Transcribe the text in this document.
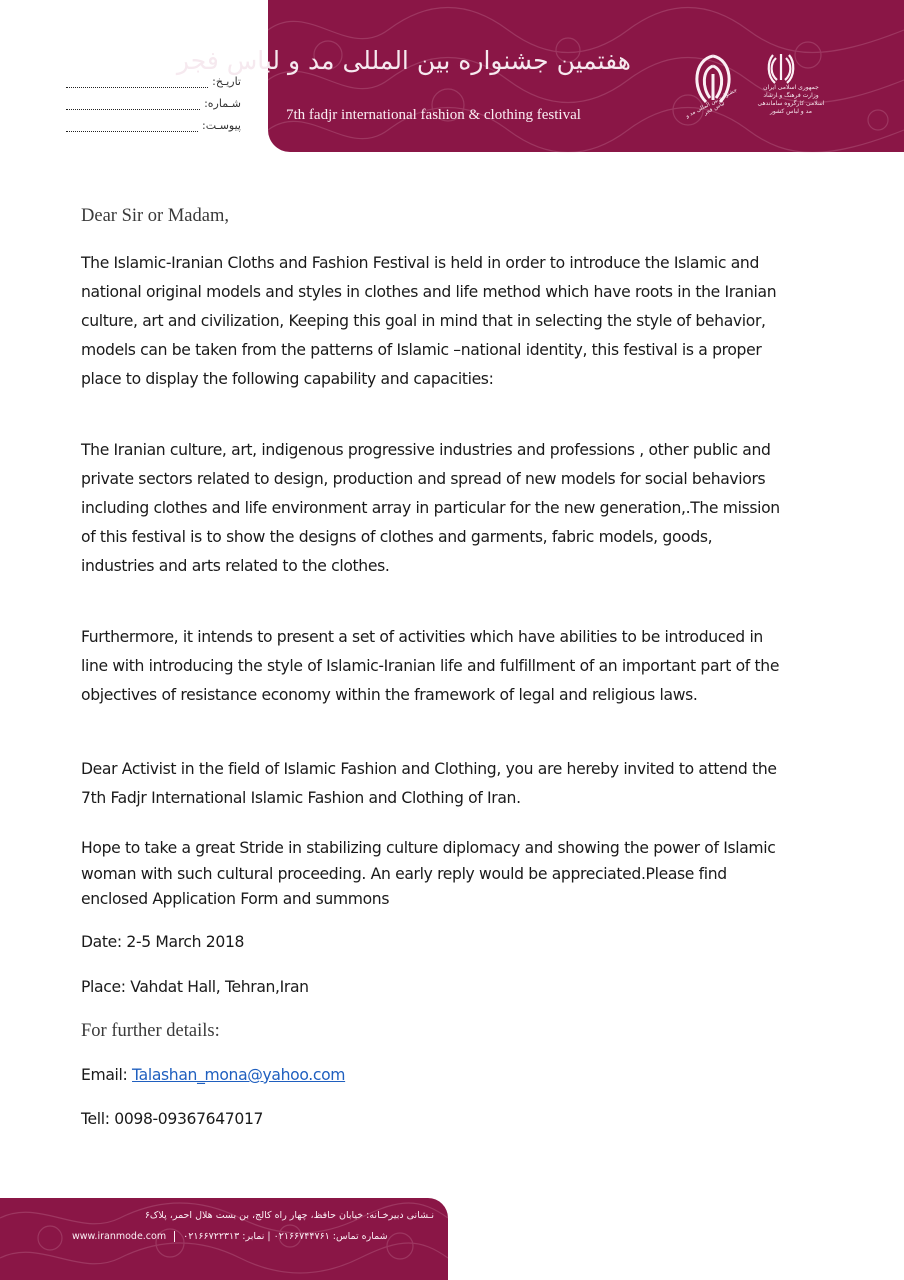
تاریـخ:
شـماره:
پیوسـت:
هفتمین جشنواره بین المللی مد و لباس فجر
7th fadjr international fashion & clothing festival	جشنواره بین المللی مد و لباس فجر
جمهوری اسلامی ایران وزارت فرهنگ و ارشاد اسلامی کارگروه ساماندهی مد و لباس کشور
Dear Sir or Madam,

The Islamic-Iranian Cloths and Fashion Festival is held in order to introduce the Islamic and national original models and styles in clothes and life method which have roots in the Iranian culture, art and civilization, Keeping this goal in mind that in selecting the style of behavior, models can be taken from the patterns of Islamic –national identity, this festival is a proper place to display the following capability and capacities:

The Iranian culture, art, indigenous progressive industries and professions , other public and private sectors related to design, production and spread of new models for social behaviors including clothes and life environment array in particular for the new generation,.The mission of this festival is to show the designs of clothes and garments, fabric models, goods, industries and arts related to the clothes.

Furthermore, it intends to present a set of activities which have abilities to be introduced in line with introducing the style of Islamic-Iranian life and fulfillment of an important part of the objectives of resistance economy within the framework of legal and religious laws.

Dear Activist in the field of Islamic Fashion and Clothing, you are hereby invited to attend the 7th Fadjr International Islamic Fashion and Clothing of Iran.

Hope to take a great Stride in stabilizing culture diplomacy and showing the power of Islamic woman with such cultural proceeding. An early reply would be appreciated.Please find enclosed Application Form and summons

Date: 2-5 March 2018
Place: Vahdat Hall, Tehran,Iran
For further details:
Email: Talashan_mona@yahoo.com
Tell: 0098-09367647017
نـشانی دبیرخـانه: خیابان حافظ، چهار راه کالج، بن بست هلال احمر، پلاک۶
www.iranmode.com شماره تماس: ۰۲۱۶۶۷۴۴۷۶۱ | نمابر: ۰۲۱۶۶۷۲۲۳۱۳
